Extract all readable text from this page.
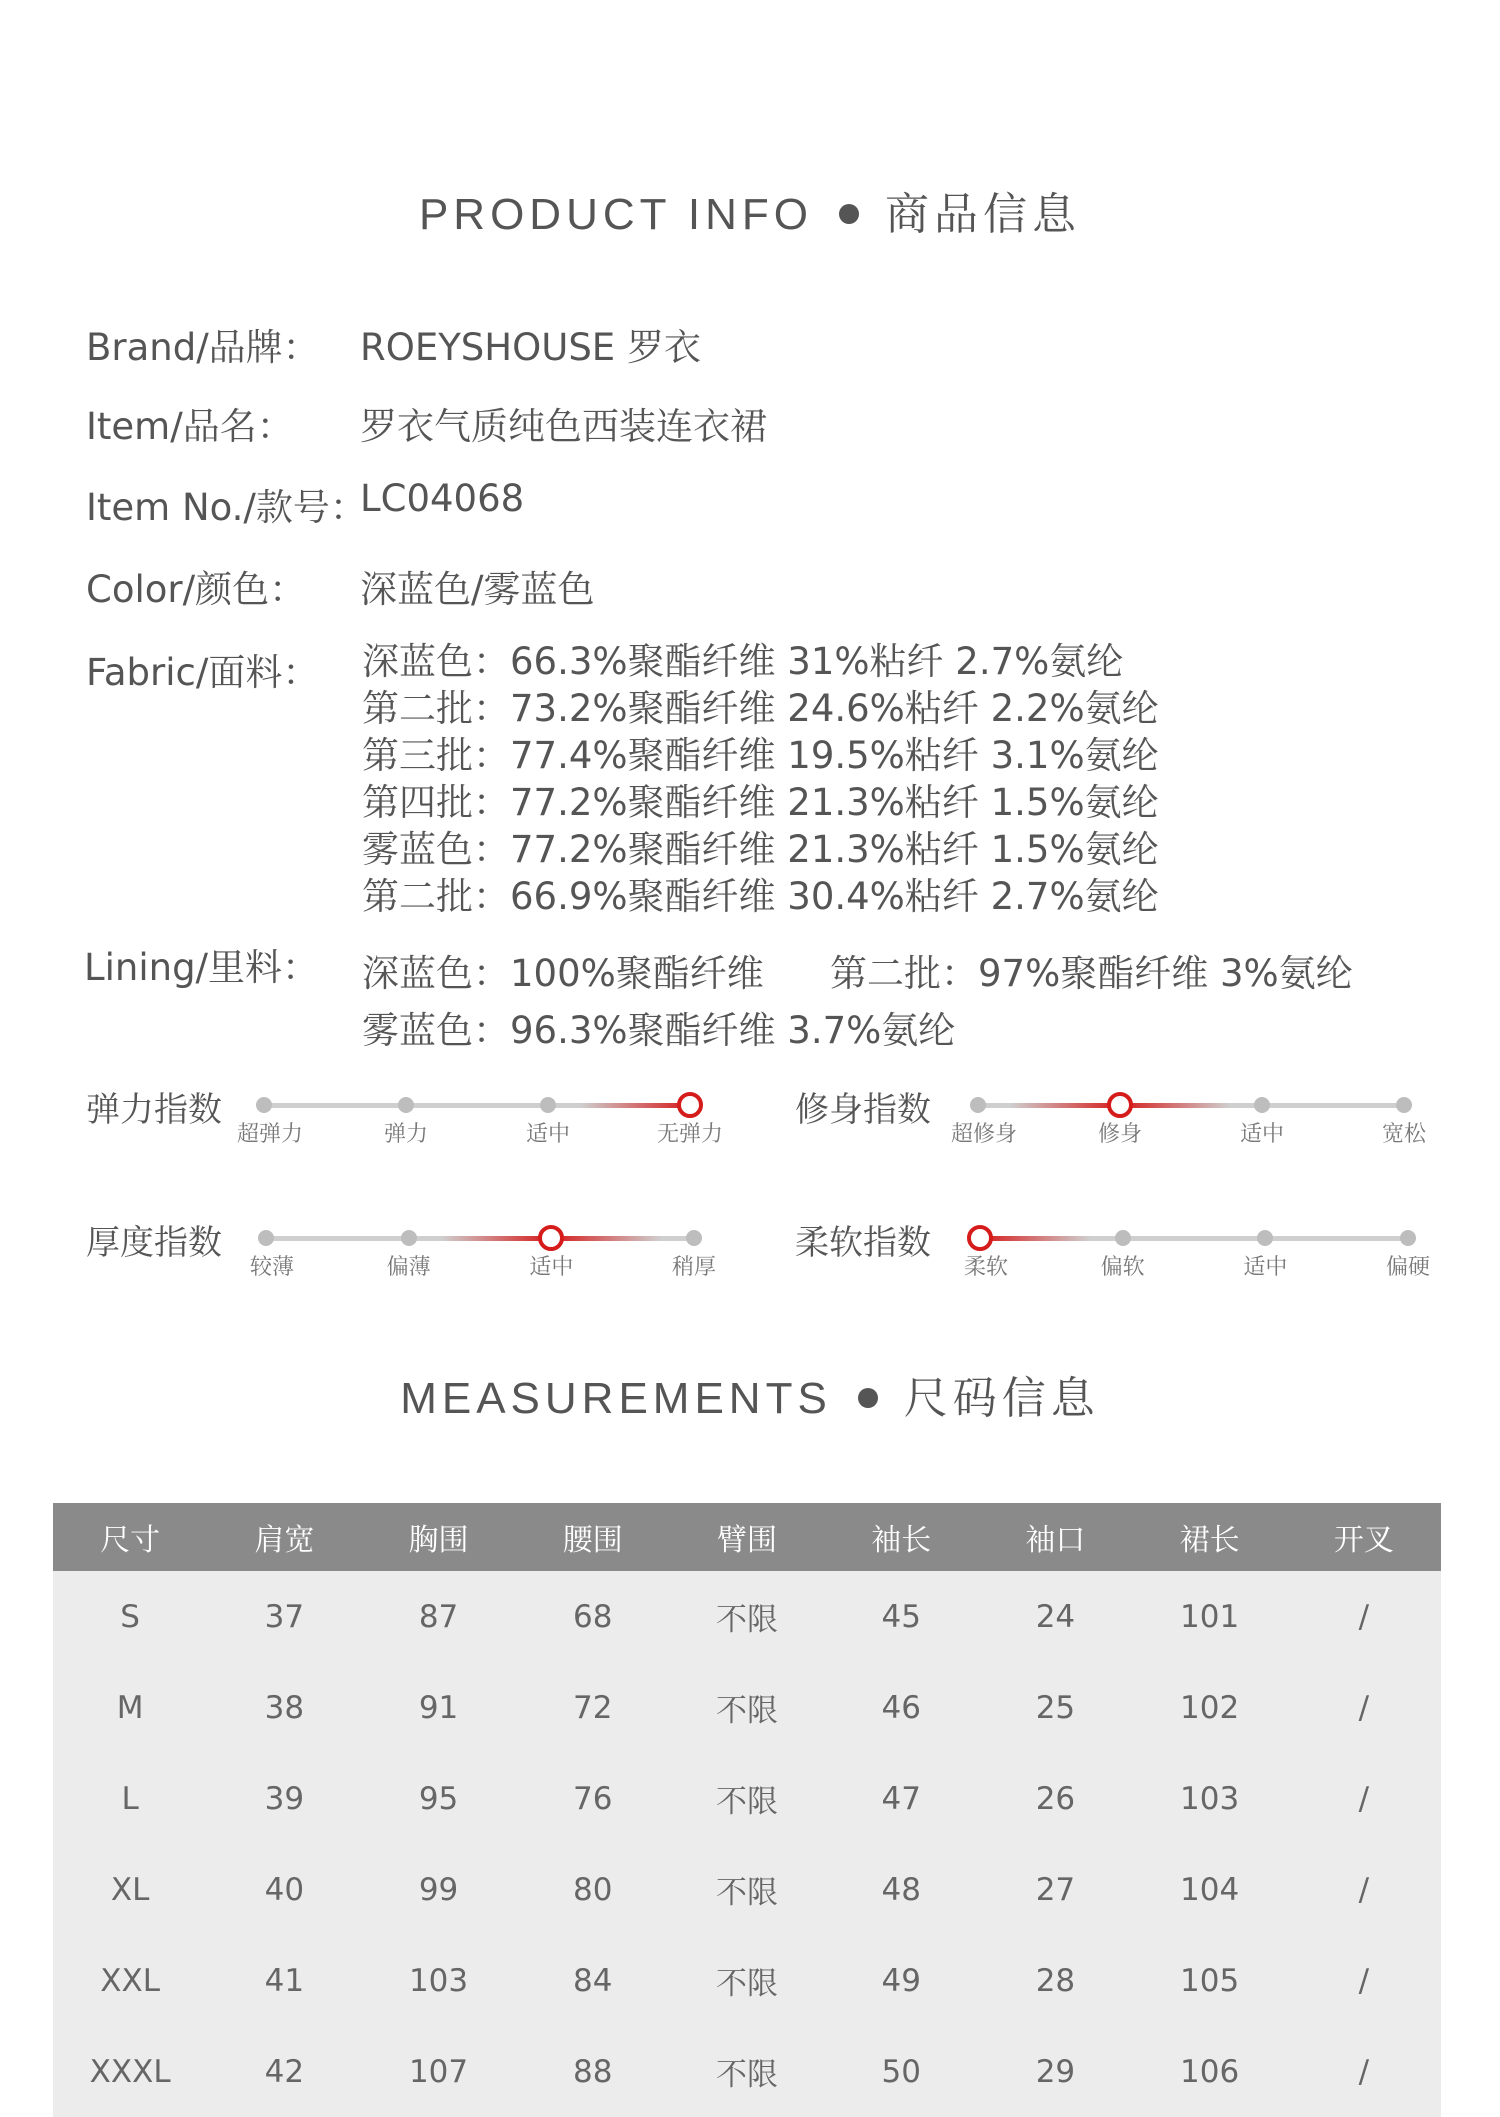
PRODUCT INFO 商品信息
Brand/品牌： ROEYSHOUSE 罗衣
Item/品名： 罗衣气质纯色西装连衣裙
Item No./款号：
LC04068
Color/颜色： 深蓝色/雾蓝色
Fabric/面料： 深蓝色：66.3%聚酯纤维 31%粘纤 2.7%氨纶
第二批：73.2%聚酯纤维 24.6%粘纤 2.2%氨纶
第三批：77.4%聚酯纤维 19.5%粘纤 3.1%氨纶
第四批：77.2%聚酯纤维 21.3%粘纤 1.5%氨纶
雾蓝色：77.2%聚酯纤维 21.3%粘纤 1.5%氨纶
第二批：66.9%聚酯纤维 30.4%粘纤 2.7%氨纶
Lining/里料： 深蓝色：100%聚酯纤维 第二批：97%聚酯纤维 3%氨纶
雾蓝色：96.3%聚酯纤维 3.7%氨纶
弹力指数
超弹力	弹力	适中	无弹力
修身指数
超修身	修身	适中	宽松
厚度指数
较薄	偏薄	适中	稍厚
柔软指数
柔软	偏软	适中	偏硬
MEASUREMENTS 尺码信息
尺寸	肩宽	胸围	腰围	臂围	袖长	袖口	裙长	开叉
S	37	87	68	不限	45	24	101	/
M	38	91	72	不限	46	25	102	/
L	39	95	76	不限	47	26	103	/
XL	40	99	80	不限	48	27	104	/
XXL	41	103	84	不限	49	28	105	/
XXXL	42	107	88	不限	50	29	106	/
